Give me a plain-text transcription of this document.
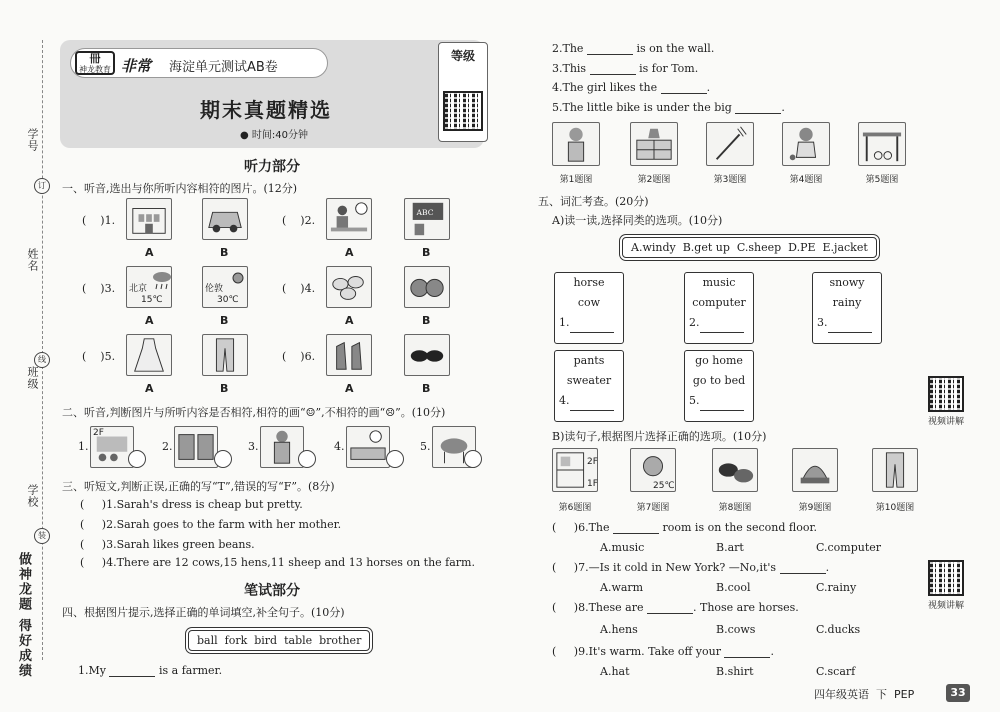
学号
订
姓名
线
班级
学校
装
做神龙题 得好成绩
冊
神龙教育 非常 海淀单元测试AB卷
期末真题精选
● 时间:40分钟
等级
听力部分
一、听音,选出与你所听内容相符的图片。(12分)
( )1.	( )2.
ABC
A	B	A	B
( )3. 北京
15℃
伦敦
30℃
( )4.
A	B	A	B
( )5.	( )6.
A	B	A	B
二、听音,判断图片与所听内容是否相符,相符的画“☺”,不相符的画“☹”。(10分)
1.
2F
2.	3.	4.	5.
三、听短文,判断正误,正确的写“T”,错误的写“F”。(8分)
(     )1.Sarah's dress is cheap but pretty.
(     )2.Sarah goes to the farm with her mother.
(     )3.Sarah likes green beans.
(     )4.There are 12 cows,15 hens,11 sheep and 13 horses on the farm.
笔试部分
四、根据图片提示,选择正确的单词填空,补全句子。(10分)
ball  fork  bird  table  brother
1.My	is a farmer.
2.The	is on the wall.
3.This	is for Tom.
4.The girl likes the	.
5.The little bike is under the big	.
第1题图	第2题图	第3题图	第4题图	第5题图
五、词汇考查。(20分)
A)读一读,选择同类的选项。(10分)
A.windy  B.get up  C.sheep  D.PE  E.jacket
horse
cow
1.
music
computer
2.
snowy
rainy
3.
pants
sweater
4.
go home
go to bed
5.
视频讲解
B)读句子,根据图片选择正确的选项。(10分)
2F
1F	25℃
第6题图	第7题图	第8题图	第9题图	第10题图
(     )6.The	room is on the second floor.
A.music	B.art	C.computer
(     )7.—Is it cold in New York? —No,it's	.
A.warm	B.cool	C.rainy
视频讲解
(     )8.These are	. Those are horses.
A.hens	B.cows	C.ducks
(     )9.It's warm. Take off your	.
A.hat	B.shirt	C.scarf
四年级英语  下  PEP	33
